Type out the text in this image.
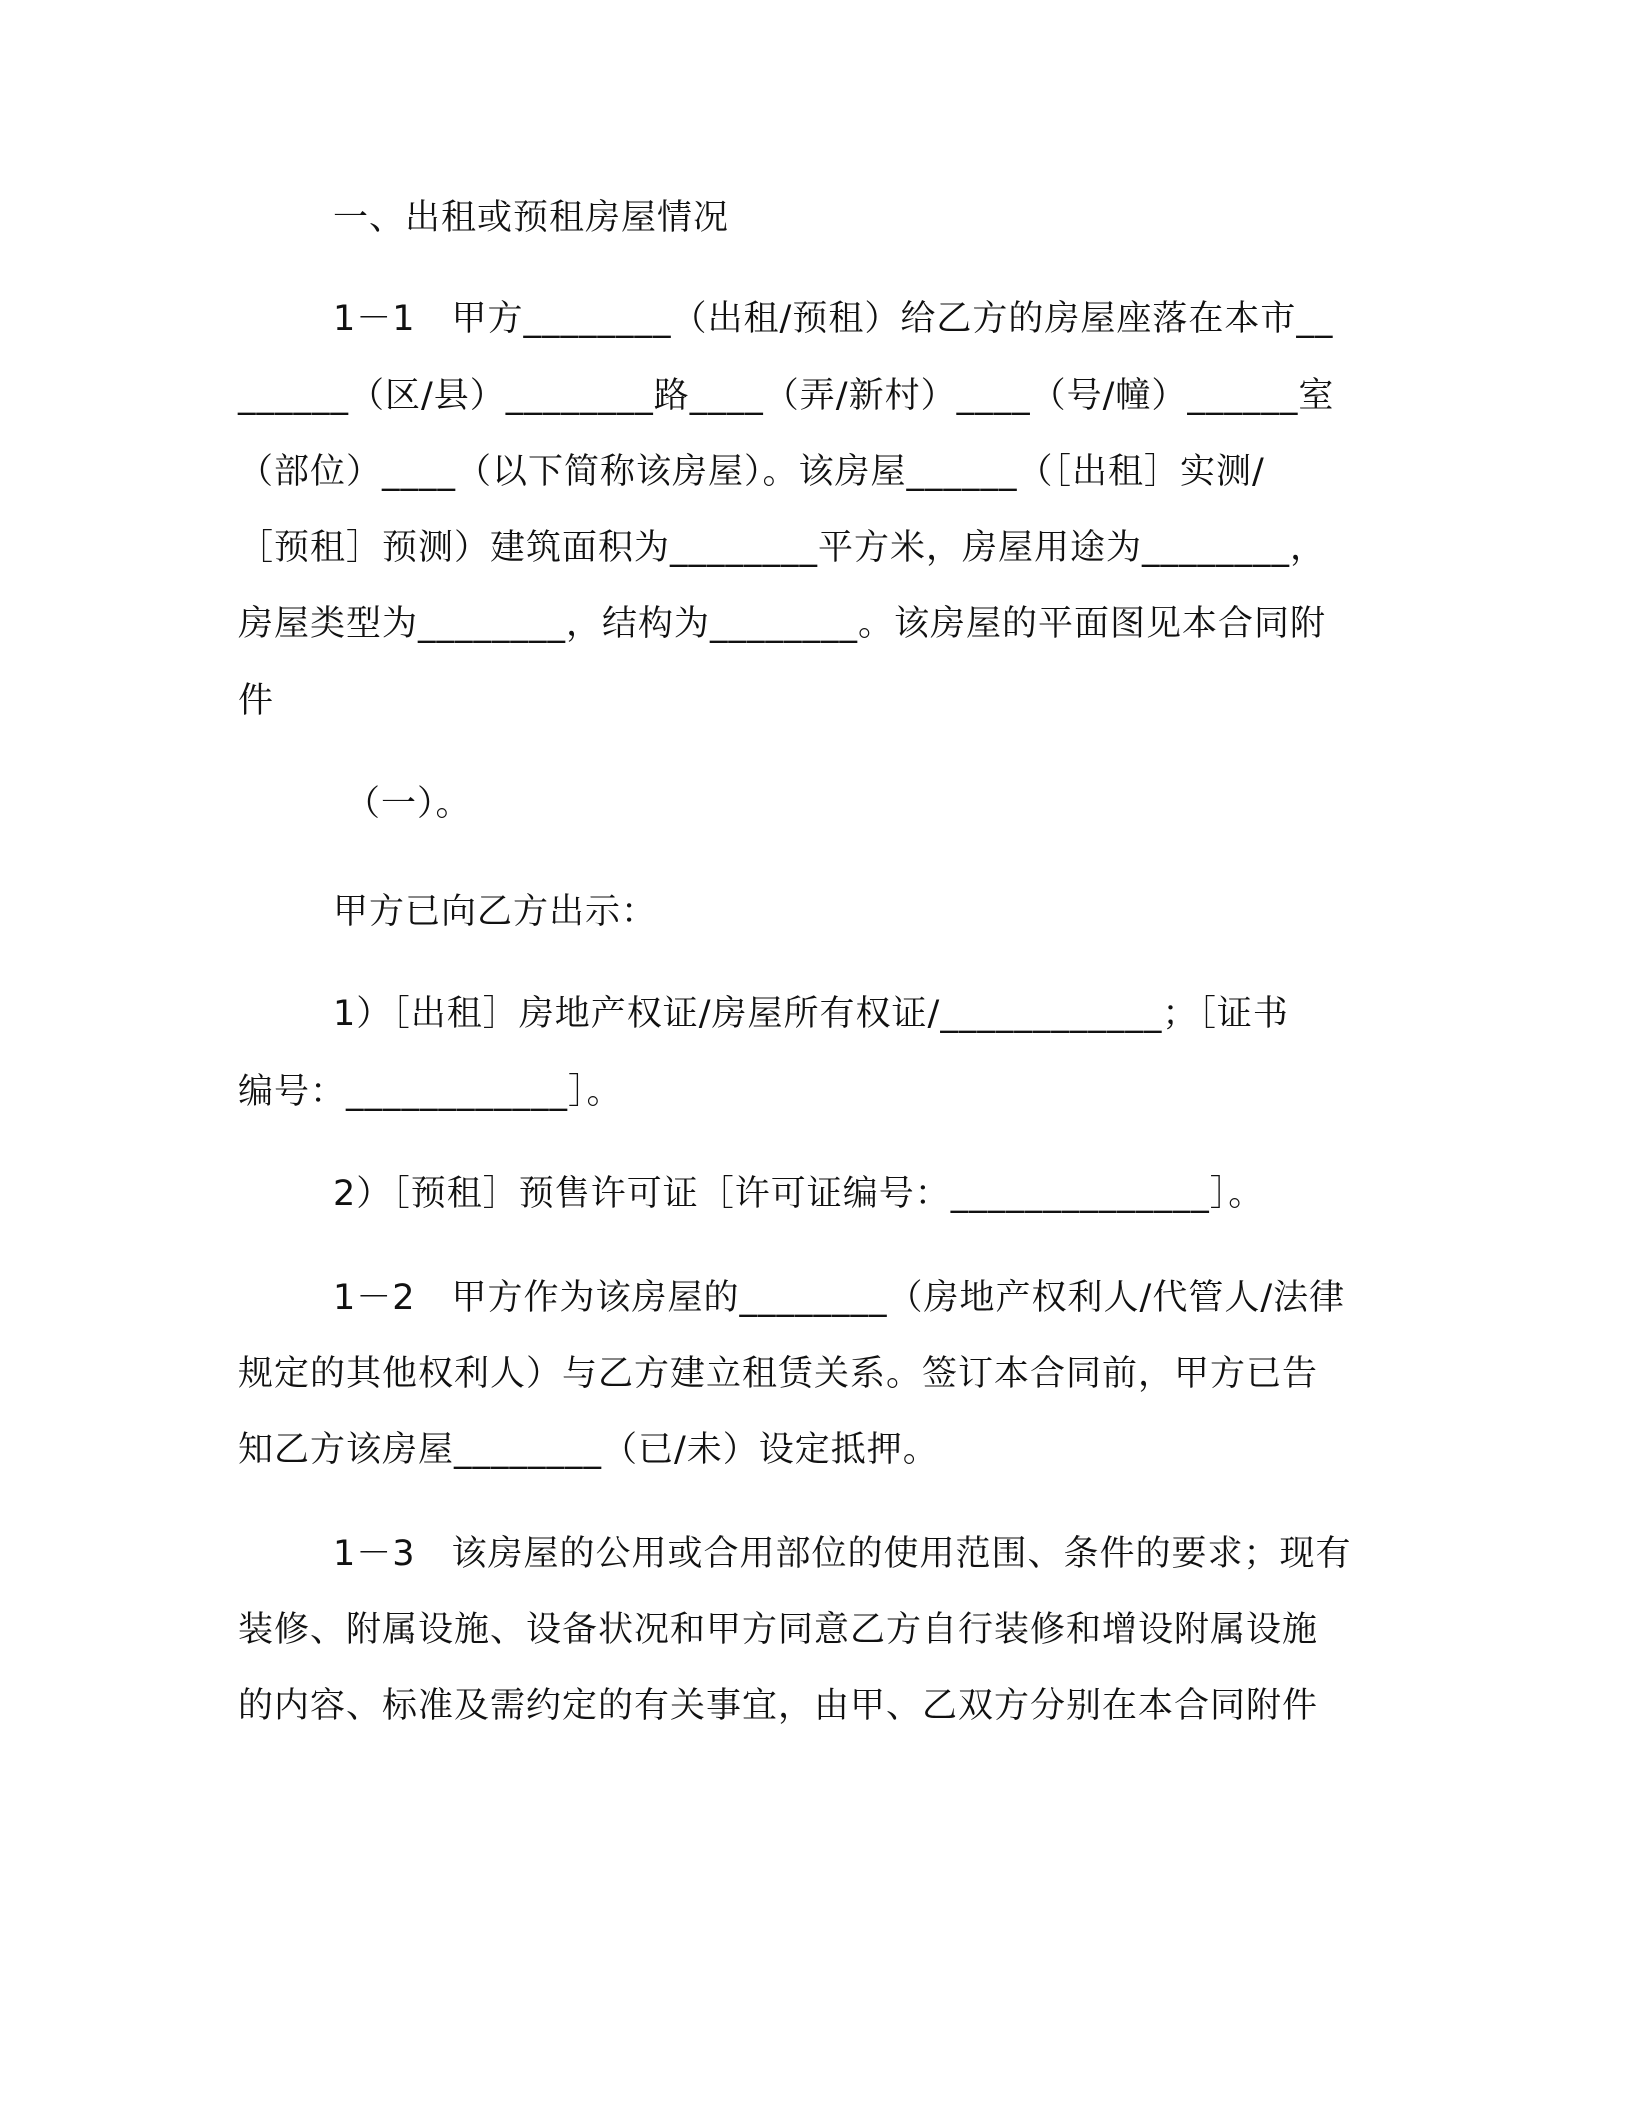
一、出租或预租房屋情况
1－1　甲方________（出租/预租）给乙方的房屋座落在本市__
______（区/县）________路____（弄/新村）____（号/幢）______室
（部位）____（以下简称该房屋）。该房屋______（［出租］实测/
［预租］预测）建筑面积为________平方米，房屋用途为________，
房屋类型为________，结构为________。该房屋的平面图见本合同附
件
（一）。
甲方已向乙方出示：
1）［出租］房地产权证/房屋所有权证/____________；［证书
编号：____________］。
2）［预租］预售许可证［许可证编号：______________］。
1－2　甲方作为该房屋的________（房地产权利人/代管人/法律
规定的其他权利人）与乙方建立租赁关系。签订本合同前，甲方已告
知乙方该房屋________（已/未）设定抵押。
1－3　该房屋的公用或合用部位的使用范围、条件的要求；现有
装修、附属设施、设备状况和甲方同意乙方自行装修和增设附属设施
的内容、标准及需约定的有关事宜，由甲、乙双方分别在本合同附件
